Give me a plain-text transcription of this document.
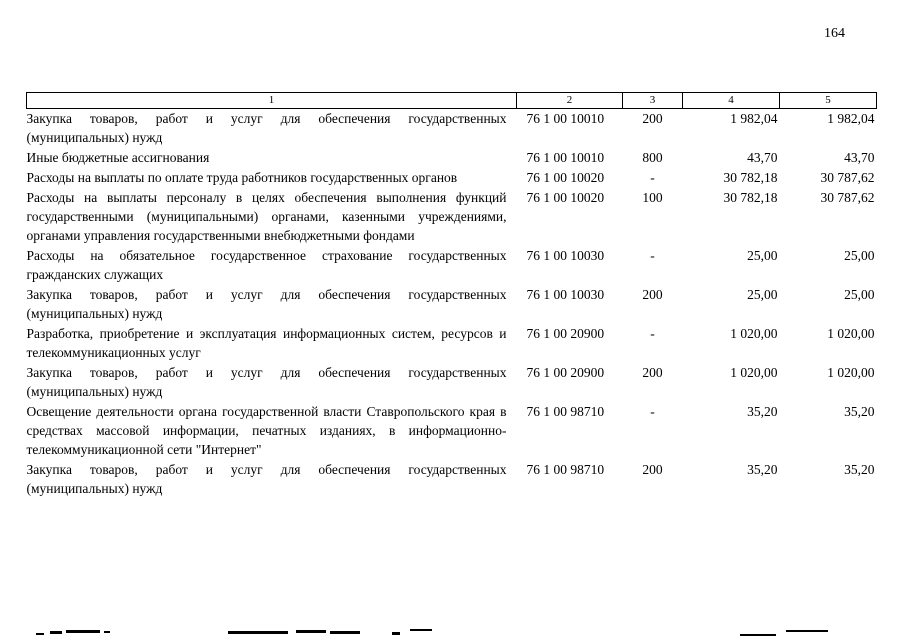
164
1	2	3	4	5
Закупка товаров, работ и услуг для обеспечения государственных (муниципальных) нужд	76 1 00 10010	200	1 982,04	1 982,04
Иные бюджетные ассигнования	76 1 00 10010	800	43,70	43,70
Расходы на выплаты по оплате труда работников государственных органов	76 1 00 10020	-	30 782,18	30 787,62
Расходы на выплаты персоналу в целях обеспечения выполнения функций государственными (муниципальными) органами, казенными учреждениями, органами управления государственными внебюджетными фондами	76 1 00 10020	100	30 782,18	30 787,62
Расходы на обязательное государственное страхование государственных гражданских служащих	76 1 00 10030	-	25,00	25,00
Закупка товаров, работ и услуг для обеспечения государственных (муниципальных) нужд	76 1 00 10030	200	25,00	25,00
Разработка, приобретение и эксплуатация информационных систем, ресурсов и телекоммуникационных услуг	76 1 00 20900	-	1 020,00	1 020,00
Закупка товаров, работ и услуг для обеспечения государственных (муниципальных) нужд	76 1 00 20900	200	1 020,00	1 020,00
Освещение деятельности органа государственной власти Ставропольского края в средствах массовой информации, печатных изданиях, в информационно-телекоммуникационной сети "Интернет"	76 1 00 98710	-	35,20	35,20
Закупка товаров, работ и услуг для обеспечения государственных (муниципальных) нужд	76 1 00 98710	200	35,20	35,20
